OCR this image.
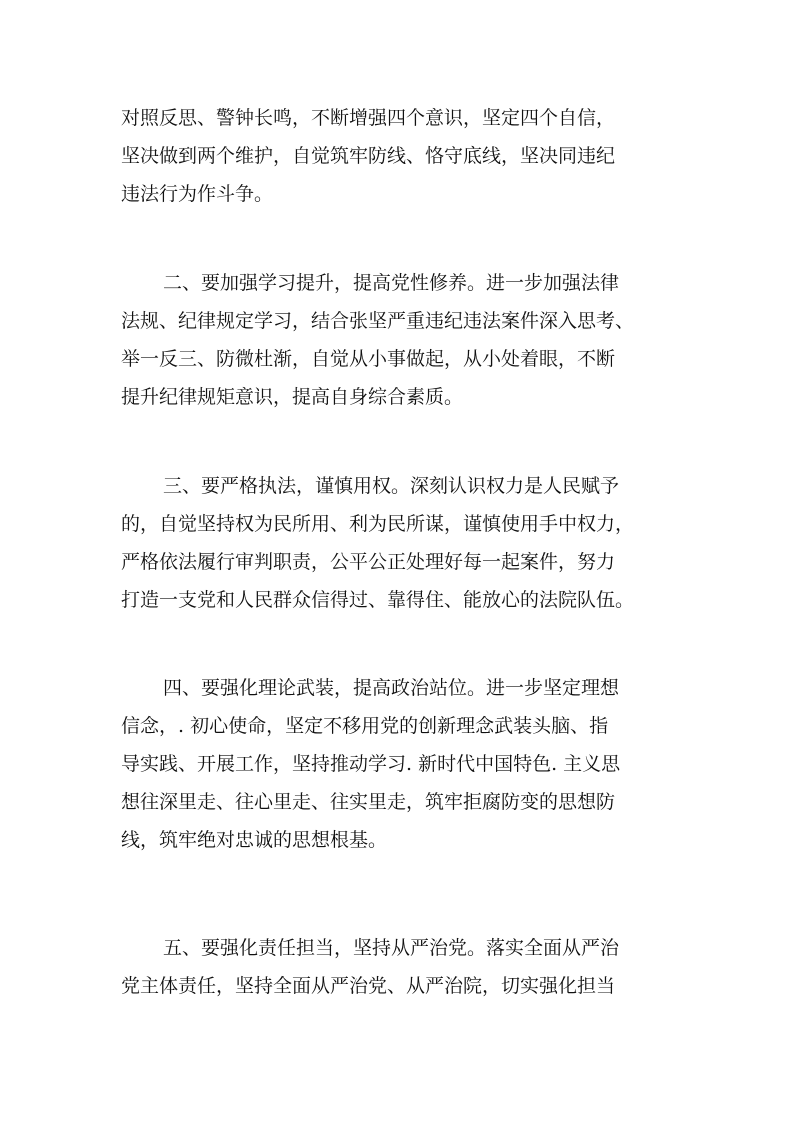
对照反思、警钟长鸣，不断增强四个意识，坚定四个自信，
坚决做到两个维护，自觉筑牢防线、恪守底线，坚决同违纪
违法行为作斗争。
二、要加强学习提升，提高党性修养。进一步加强法律
法规、纪律规定学习，结合张坚严重违纪违法案件深入思考、
举一反三、防微杜渐，自觉从小事做起，从小处着眼，不断
提升纪律规矩意识，提高自身综合素质。
三、要严格执法，谨慎用权。深刻认识权力是人民赋予
的，自觉坚持权为民所用、利为民所谋，谨慎使用手中权力，
严格依法履行审判职责，公平公正处理好每一起案件，努力
打造一支党和人民群众信得过、靠得住、能放心的法院队伍。
四、要强化理论武装，提高政治站位。进一步坚定理想
信念，. 初心使命，坚定不移用党的创新理念武装头脑、指
导实践、开展工作，坚持推动学习. 新时代中国特色. 主义思
想往深里走、往心里走、往实里走，筑牢拒腐防变的思想防
线，筑牢绝对忠诚的思想根基。
五、要强化责任担当，坚持从严治党。落实全面从严治
党主体责任，坚持全面从严治党、从严治院，切实强化担当
